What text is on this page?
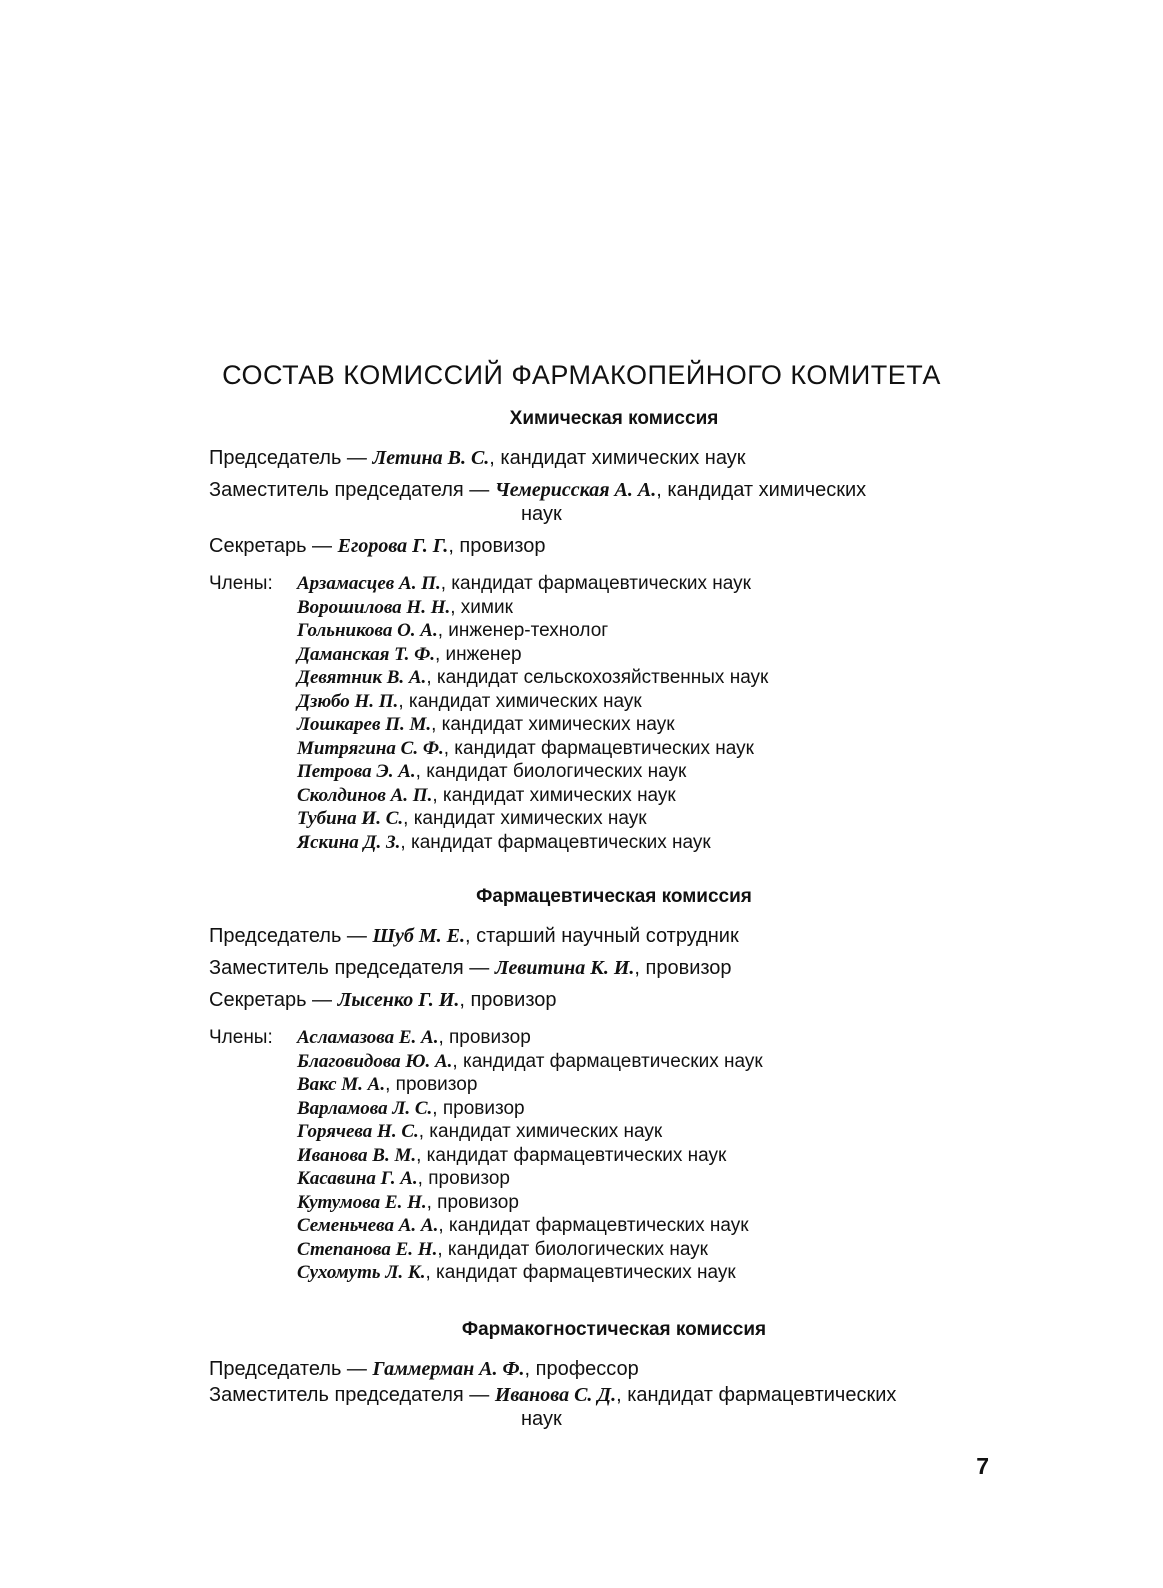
СОСТАВ КОМИССИЙ ФАРМАКОПЕЙНОГО КОМИТЕТА
Химическая комиссия
Председатель — Летина В. С., кандидат химических наук
Заместитель председателя — Чемерисская А. А., кандидат химических
наук
Секретарь — Егорова Г. Г., провизор
Члены:	Арзамасцев А. П., кандидат фармацевтических наук
Ворошилова Н. Н., химик
Гольникова О. А., инженер-технолог
Даманская Т. Ф., инженер
Девятник В. А., кандидат сельскохозяйственных наук
Дзюбо Н. П., кандидат химических наук
Лошкарев П. М., кандидат химических наук
Митрягина С. Ф., кандидат фармацевтических наук
Петрова Э. А., кандидат биологических наук
Сколдинов А. П., кандидат химических наук
Тубина И. С., кандидат химических наук
Яскина Д. З., кандидат фармацевтических наук
Фармацевтическая комиссия
Председатель — Шуб М. Е., старший научный сотрудник
Заместитель председателя — Левитина К. И., провизор
Секретарь — Лысенко Г. И., провизор
Члены:	Асламазова Е. А., провизор
Благовидова Ю. А., кандидат фармацевтических наук
Вакс М. А., провизор
Варламова Л. С., провизор
Горячева Н. С., кандидат химических наук
Иванова В. М., кандидат фармацевтических наук
Касавина Г. А., провизор
Кутумова Е. Н., провизор
Семеньчева А. А., кандидат фармацевтических наук
Степанова Е. Н., кандидат биологических наук
Сухомуть Л. К., кандидат фармацевтических наук
Фармакогностическая комиссия
Председатель — Гаммерман А. Ф., профессор
Заместитель председателя — Иванова С. Д., кандидат фармацевтических
наук
7
